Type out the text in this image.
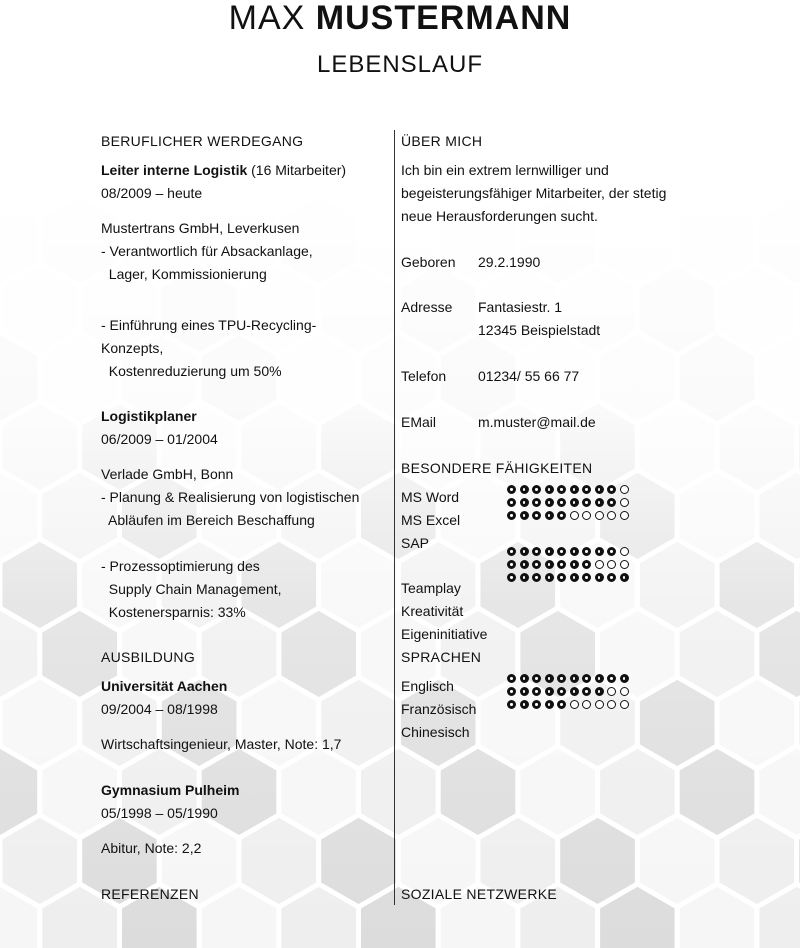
MAX MUSTERMANN
LEBENSLAUF
BERUFLICHER WERDEGANG
Leiter interne Logistik (16 Mitarbeiter)
08/2009 – heute
Mustertrans GmbH, Leverkusen
- Verantwortlich für Absackanlage,
Lager, Kommissionierung
- Einführung eines TPU-Recycling-
Konzepts,
Kostenreduzierung um 50%
Logistikplaner
06/2009 – 01/2004
Verlade GmbH, Bonn
- Planung & Realisierung von logistischen
Abläufen im Bereich Beschaffung
- Prozessoptimierung des
Supply Chain Management,
Kostenersparnis: 33%
AUSBILDUNG
Universität Aachen
09/2004 – 08/1998
Wirtschaftsingenieur, Master, Note: 1,7
Gymnasium Pulheim
05/1998 – 05/1990
Abitur, Note: 2,2
REFERENZEN
ÜBER MICH
Ich bin ein extrem lernwilliger und
begeisterungsfähiger Mitarbeiter, der stetig
neue Herausforderungen sucht.
Geboren 29.2.1990
Adresse Fantasiestr. 1
12345 Beispielstadt
Telefon 01234/ 55 66 77
EMail	m.muster@mail.de
BESONDERE FÄHIGKEITEN
MS Word
MS Excel
SAP
Teamplay
Kreativität
Eigeninitiative
SPRACHEN
Englisch
Französisch
Chinesisch
SOZIALE NETZWERKE
